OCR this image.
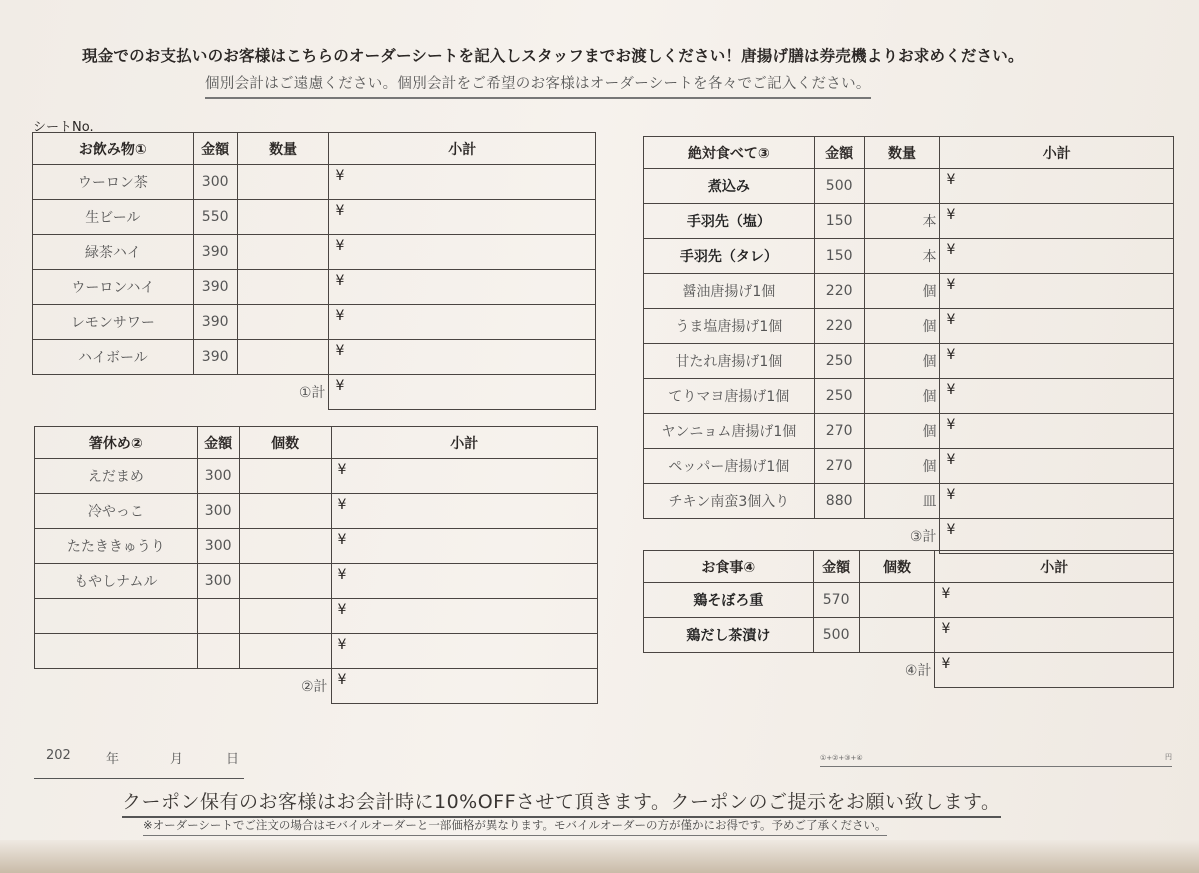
現金でのお支払いのお客様はこちらのオーダーシートを記入しスタッフまでお渡しください！唐揚げ膳は券売機よりお求めください。
個別会計はご遠慮ください。個別会計をご希望のお客様はオーダーシートを各々でご記入ください。
シートNo.
お飲み物①	金額	数量	小計
ウーロン茶	300		¥
生ビール	550		¥
緑茶ハイ	390		¥
ウーロンハイ	390		¥
レモンサワー	390		¥
ハイボール	390		¥
		①計	¥
箸休め②	金額	個数	小計
えだまめ	300		¥
冷やっこ	300		¥
たたききゅうり	300		¥
もやしナムル	300		¥
			¥
			¥
		②計	¥
絶対食べて③	金額	数量	小計
煮込み	500		¥
手羽先（塩）	150	本	¥
手羽先（タレ）	150	本	¥
醤油唐揚げ1個	220	個	¥
うま塩唐揚げ1個	220	個	¥
甘たれ唐揚げ1個	250	個	¥
てりマヨ唐揚げ1個	250	個	¥
ヤンニョム唐揚げ1個	270	個	¥
ペッパー唐揚げ1個	270	個	¥
チキン南蛮3個入り	880	皿	¥
		③計	¥
お食事④	金額	個数	小計
鶏そぼろ重	570		¥
鶏だし茶漬け	500		¥
		④計	¥
202	年	月	日	①+②+③+④	円
クーポン保有のお客様はお会計時に10%OFFさせて頂きます。クーポンのご提示をお願い致します。
※オーダーシートでご注文の場合はモバイルオーダーと一部価格が異なります。モバイルオーダーの方が僅かにお得です。予めご了承ください。
